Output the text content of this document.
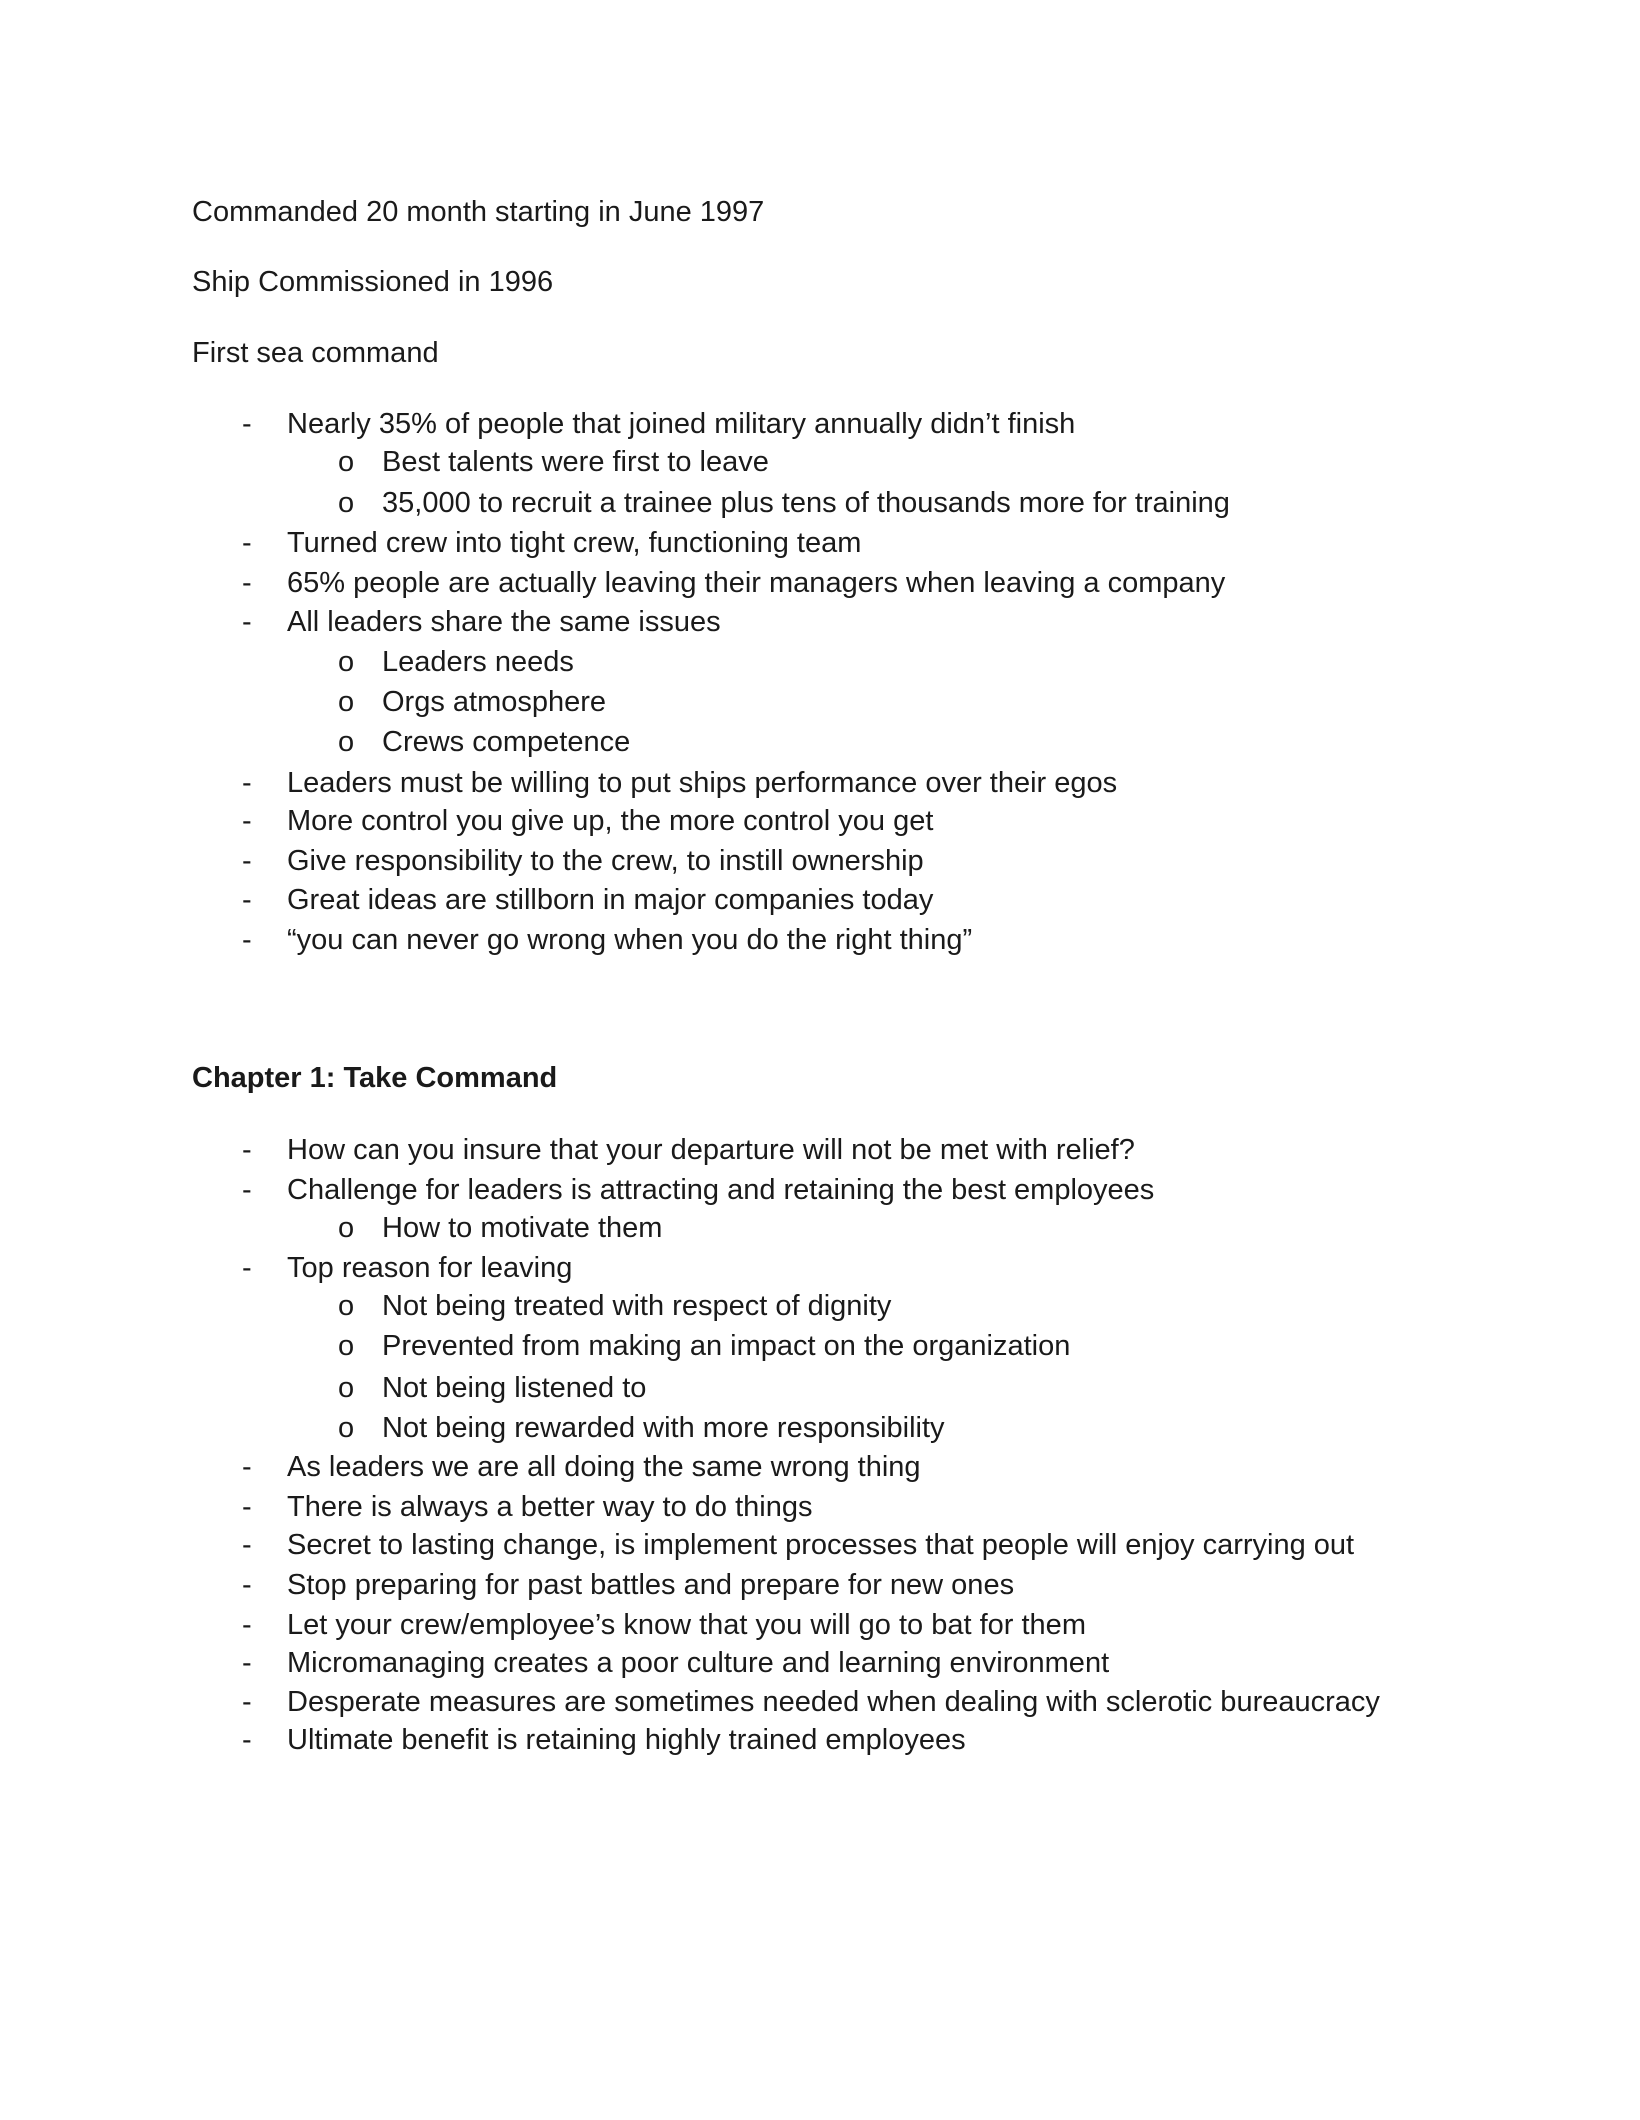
Commanded 20 month starting in June 1997
Ship Commissioned in 1996
First sea command
- Nearly 35% of people that joined military annually didn’t finish
o Best talents were first to leave
o 35,000 to recruit a trainee plus tens of thousands more for training
- Turned crew into tight crew, functioning team
- 65% people are actually leaving their managers when leaving a company
- All leaders share the same issues
o Leaders needs
o Orgs atmosphere
o Crews competence
- Leaders must be willing to put ships performance over their egos
- More control you give up, the more control you get
- Give responsibility to the crew, to instill ownership
- Great ideas are stillborn in major companies today
- “you can never go wrong when you do the right thing”
Chapter 1: Take Command
- How can you insure that your departure will not be met with relief?
- Challenge for leaders is attracting and retaining the best employees
o How to motivate them
- Top reason for leaving
o Not being treated with respect of dignity
o Prevented from making an impact on the organization
o Not being listened to
o Not being rewarded with more responsibility
- As leaders we are all doing the same wrong thing
- There is always a better way to do things
- Secret to lasting change, is implement processes that people will enjoy carrying out
- Stop preparing for past battles and prepare for new ones
- Let your crew/employee’s know that you will go to bat for them
- Micromanaging creates a poor culture and learning environment
- Desperate measures are sometimes needed when dealing with sclerotic bureaucracy
- Ultimate benefit is retaining highly trained employees
